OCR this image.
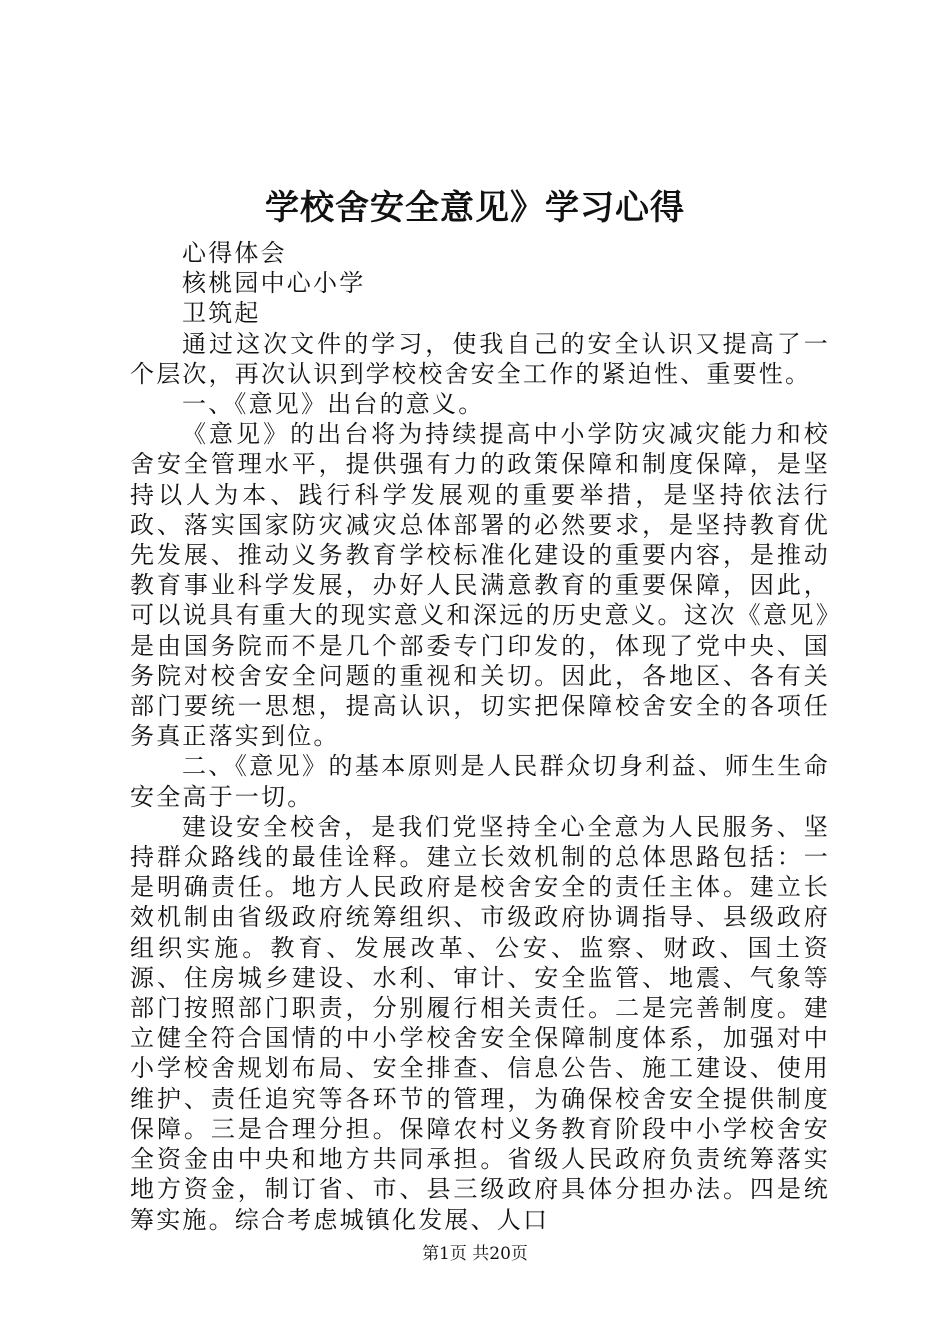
学校舍安全意见》学习心得

心得体会

核桃园中心小学

卫筑起

通过这次文件的学习，使我自己的安全认识又提高了一个层次，再次认识到学校校舍安全工作的紧迫性、重要性。

一、《意见》出台的意义。

《意见》的出台将为持续提高中小学防灾减灾能力和校舍安全管理水平，提供强有力的政策保障和制度保障，是坚持以人为本、践行科学发展观的重要举措，是坚持依法行政、落实国家防灾减灾总体部署的必然要求，是坚持教育优先发展、推动义务教育学校标准化建设的重要内容，是推动教育事业科学发展，办好人民满意教育的重要保障，因此，可以说具有重大的现实意义和深远的历史意义。这次《意见》是由国务院而不是几个部委专门印发的，体现了党中央、国务院对校舍安全问题的重视和关切。因此，各地区、各有关部门要统一思想，提高认识，切实把保障校舍安全的各项任务真正落实到位。

二、《意见》的基本原则是人民群众切身利益、师生生命安全高于一切。

建设安全校舍，是我们党坚持全心全意为人民服务、坚持群众路线的最佳诠释。建立长效机制的总体思路包括：一是明确责任。地方人民政府是校舍安全的责任主体。建立长效机制由省级政府统筹组织、市级政府协调指导、县级政府组织实施。教育、发展改革、公安、监察、财政、国土资源、住房城乡建设、水利、审计、安全监管、地震、气象等部门按照部门职责，分别履行相关责任。二是完善制度。建立健全符合国情的中小学校舍安全保障制度体系，加强对中小学校舍规划布局、安全排查、信息公告、施工建设、使用维护、责任追究等各环节的管理，为确保校舍安全提供制度保障。三是合理分担。保障农村义务教育阶段中小学校舍安全资金由中央和地方共同承担。省级人民政府负责统筹落实地方资金，制订省、市、县三级政府具体分担办法。四是统筹实施。综合考虑城镇化发展、人口

第1页 共20页
